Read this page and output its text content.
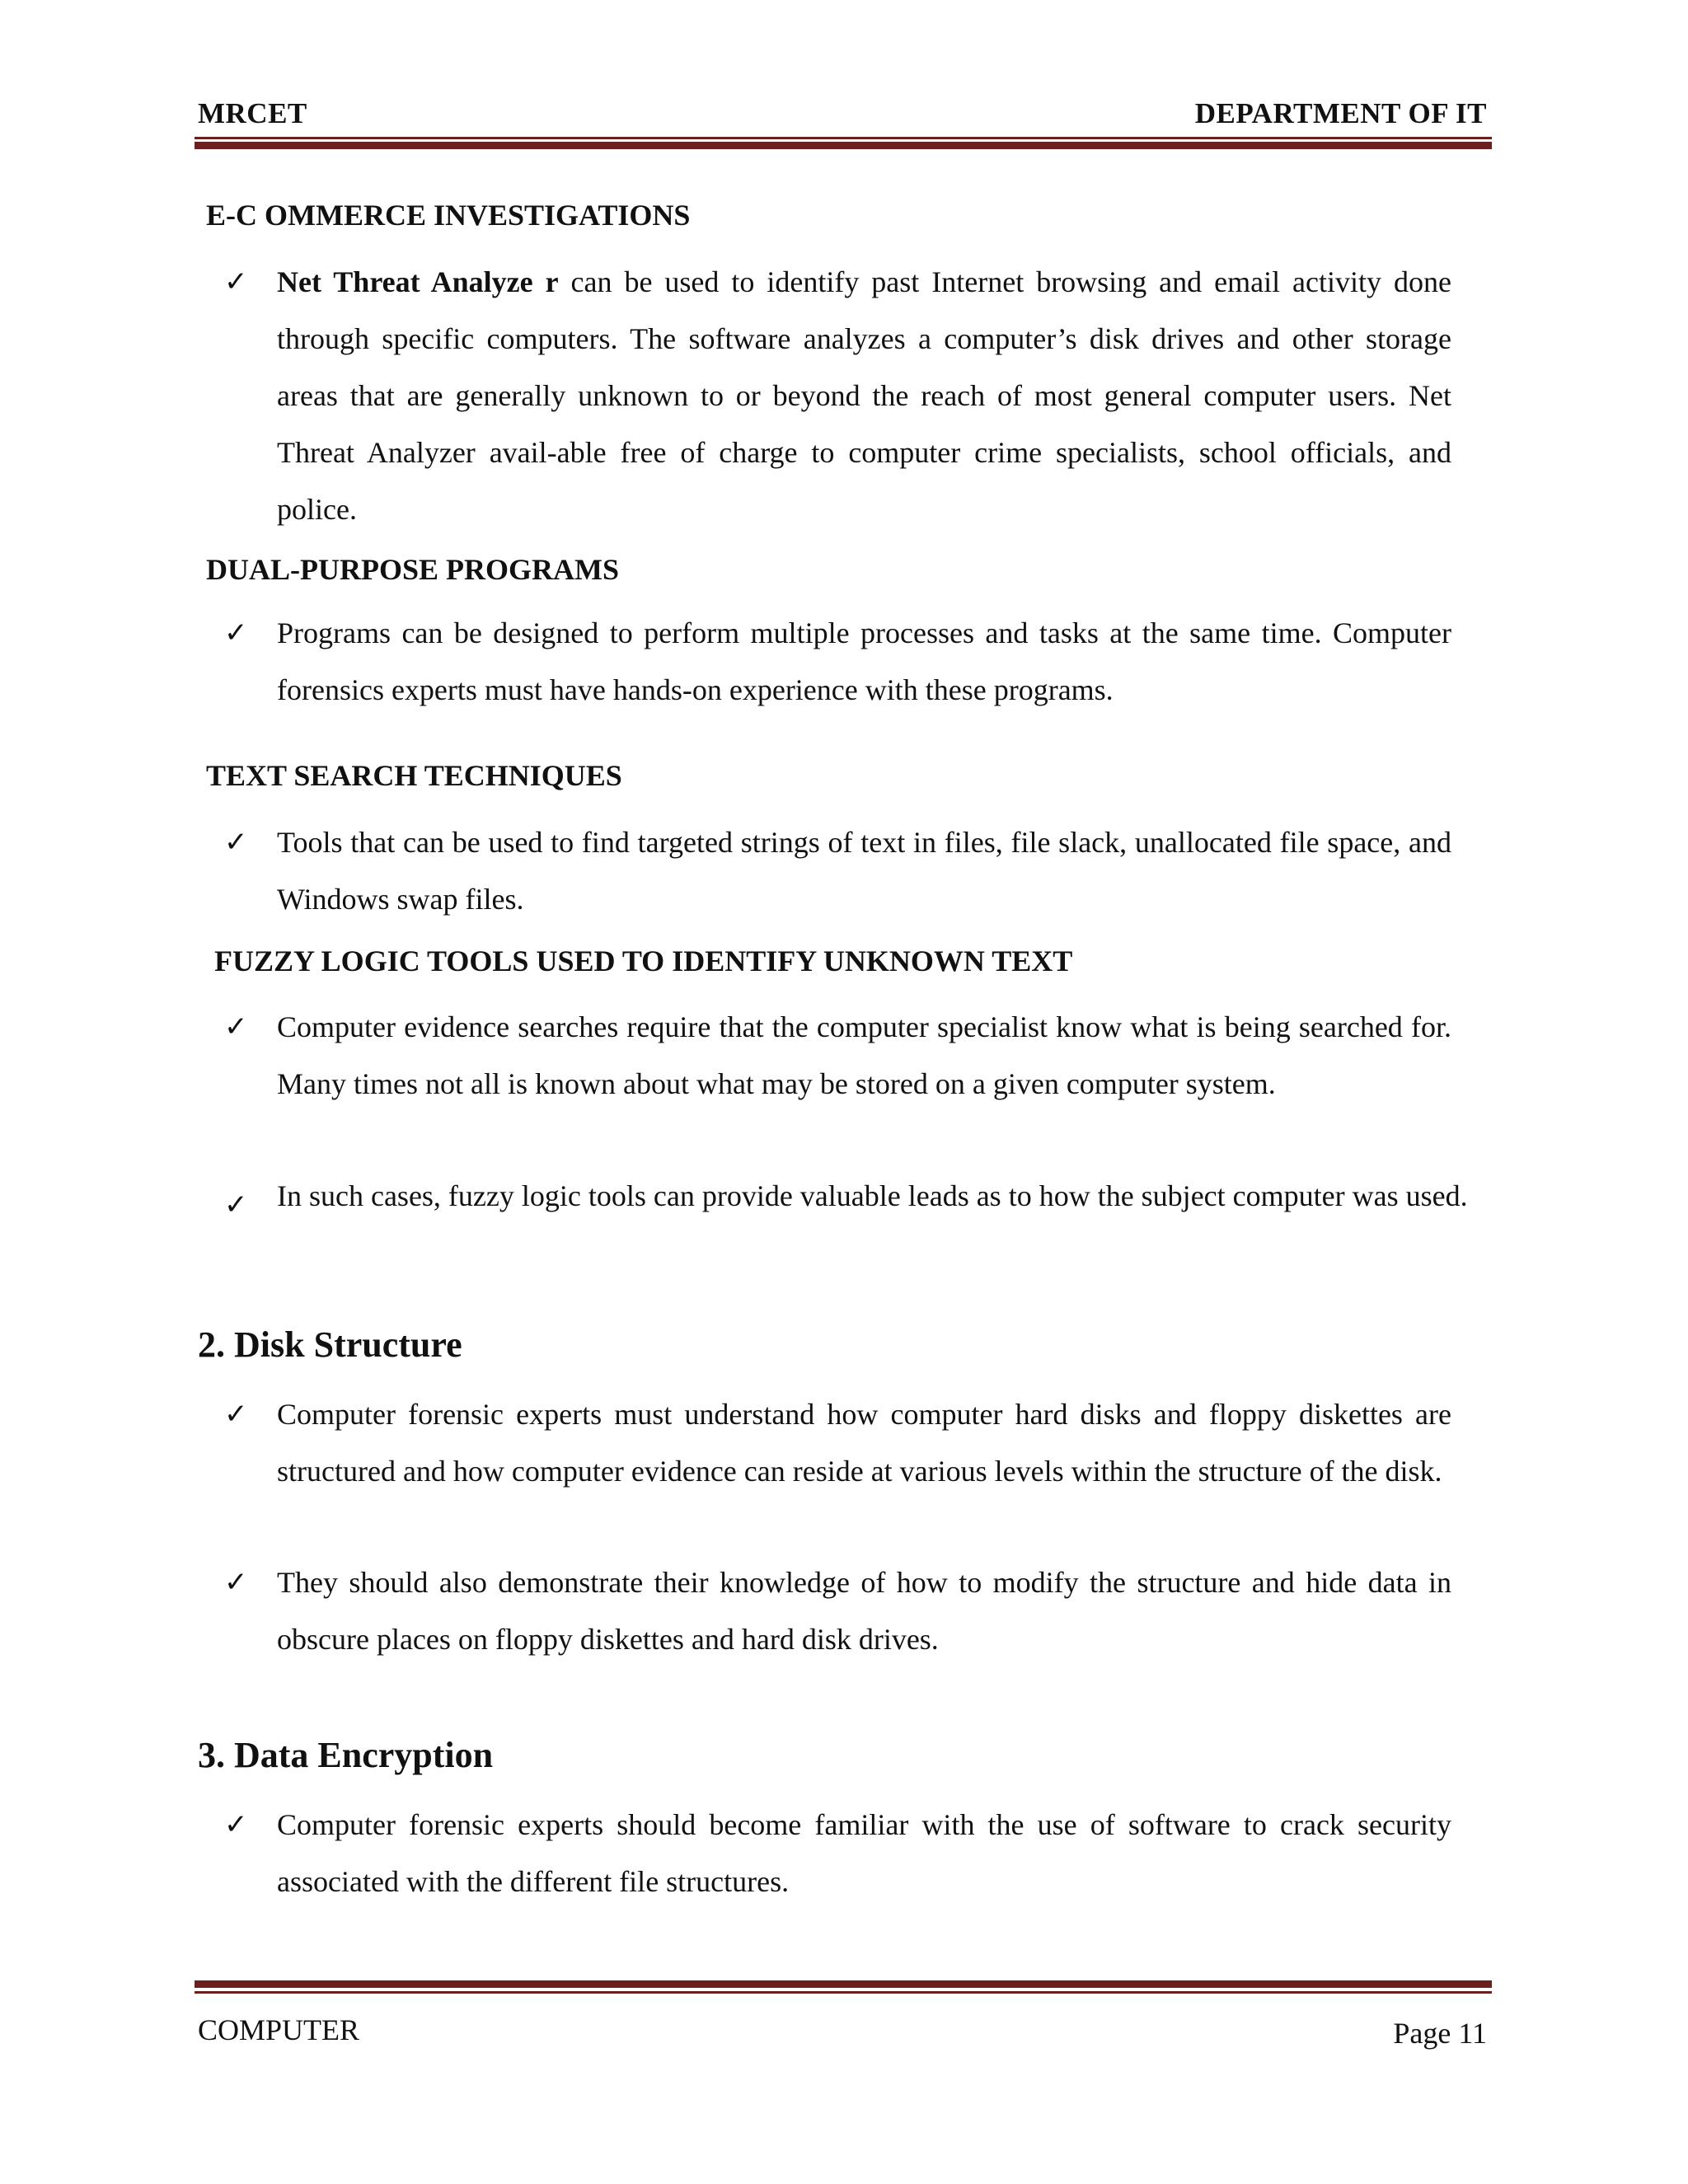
MRCET	DEPARTMENT OF IT
E-C OMMERCE INVESTIGATIONS
✓ Net Threat Analyze r can be used to identify past Internet browsing and email activity done through specific computers. The software analyzes a computer’s disk drives and other storage areas that are generally unknown to or beyond the reach of most general computer users. Net Threat Analyzer avail-able free of charge to computer crime specialists, school officials, and police.
DUAL-PURPOSE PROGRAMS
✓ Programs can be designed to perform multiple processes and tasks at the same time. Computer forensics experts must have hands-on experience with these programs.
TEXT SEARCH TECHNIQUES
✓ Tools that can be used to find targeted strings of text in files, file slack, unallocated file space, and Windows swap files.
FUZZY LOGIC TOOLS USED TO IDENTIFY UNKNOWN TEXT
✓ Computer evidence searches require that the computer specialist know what is being searched for. Many times not all is known about what may be stored on a given computer system.
✓ In such cases, fuzzy logic tools can provide valuable leads as to how the subject computer was used.
2. Disk Structure
✓ Computer forensic experts must understand how computer hard disks and floppy diskettes are structured and how computer evidence can reside at various levels within the structure of the disk.
✓ They should also demonstrate their knowledge of how to modify the structure and hide data in obscure places on floppy diskettes and hard disk drives.
3. Data Encryption
✓ Computer forensic experts should become familiar with the use of software to crack security associated with the different file structures.
COMPUTER	Page 11
